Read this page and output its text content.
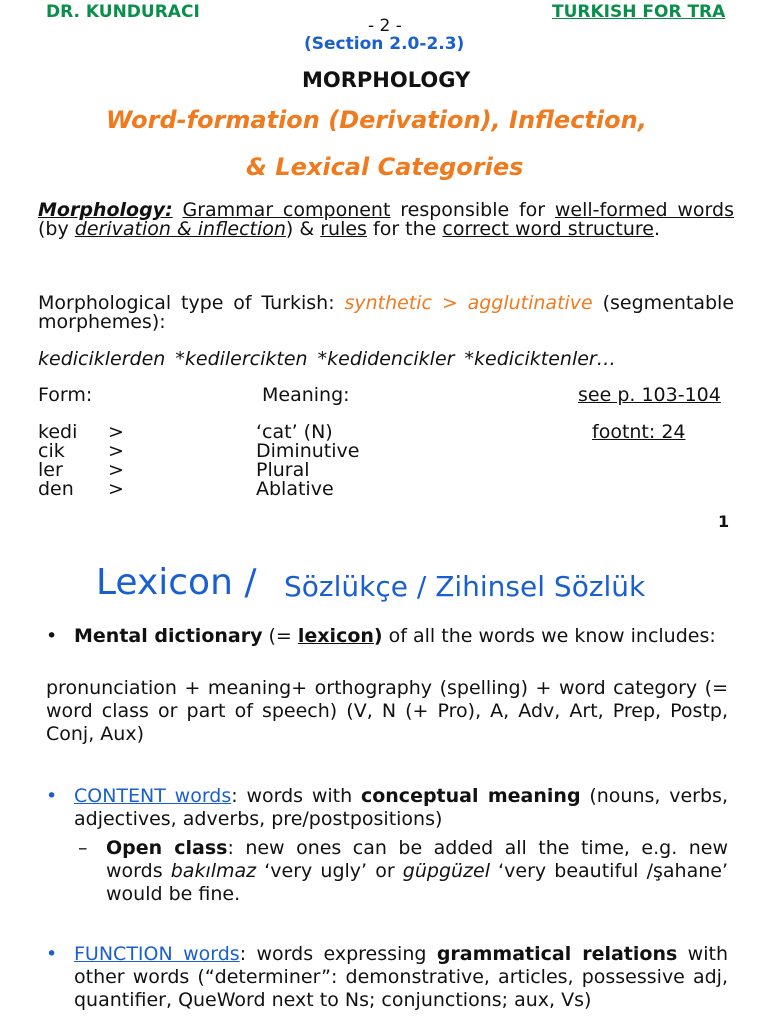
DR. KUNDURACI	TURKISH FOR TRA
- 2 -
(Section 2.0-2.3)
MORPHOLOGY
Word-formation (Derivation), Inflection,
& Lexical Categories
Morphology: Grammar component responsible for well-formed words (by derivation & inflection) & rules for the correct word structure.
Morphological type of Turkish: synthetic > agglutinative (segmentable morphemes):
kediciklerden *kedilercikten *kedidencikler *kediciktenler…
Form:	Meaning:	see p. 103-104
footnt: 24
kedi >	‘cat’ (N)
cik >	Diminutive
ler >	Plural
den >	Ablative
1
Lexicon / Sözlükçe / Zihinsel Sözlük
• Mental dictionary (= lexicon) of all the words we know includes:
pronunciation + meaning+ orthography (spelling) + word category (= word class or part of speech) (V, N (+ Pro), A, Adv, Art, Prep, Postp, Conj, Aux)
• CONTENT words: words with conceptual meaning (nouns, verbs, adjectives, adverbs, pre/postpositions)
– Open class: new ones can be added all the time, e.g. new words bakılmaz ‘very ugly’ or güpgüzel ‘very beautiful /şahane’ would be fine.
• FUNCTION words: words expressing grammatical relations with other words (“determiner”: demonstrative, articles, possessive adj, quantifier, QueWord next to Ns; conjunctions; aux, Vs)
